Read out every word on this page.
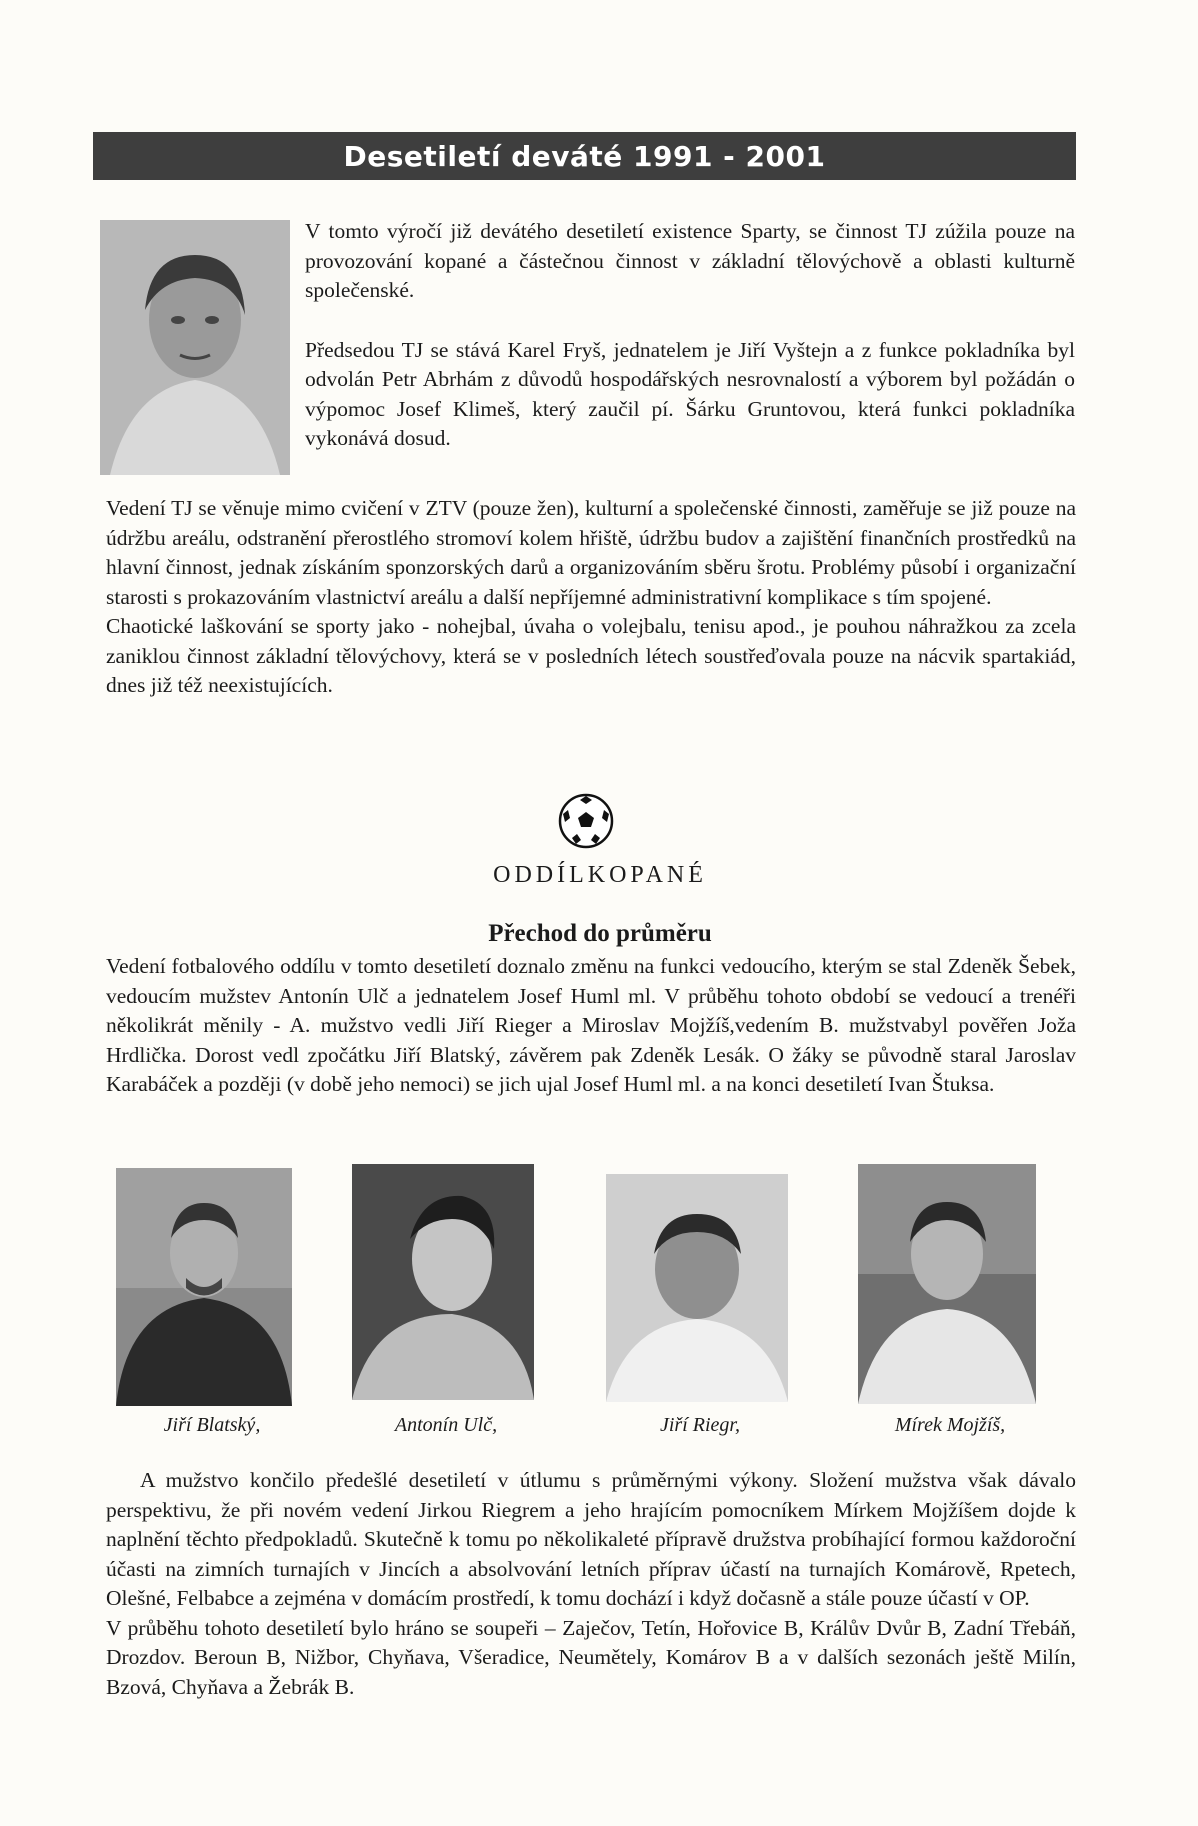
Desetiletí deváté 1991 - 2001

V tomto výročí již devátého desetiletí existence Sparty, se činnost TJ zúžila pouze na provozování kopané a částečnou činnost v základní tělovýchově a oblasti kulturně společenské.

Předsedou TJ se stává Karel Fryš, jednatelem je Jiří Vyštejn a z funkce pokladníka byl odvolán Petr Abrhám z důvodů hospodářských nesrovnalostí a výborem byl požádán o výpomoc Josef Klimeš, který zaučil pí. Šárku Gruntovou, která funkci pokladníka vykonává dosud.

Vedení TJ se věnuje mimo cvičení v ZTV (pouze žen), kulturní a společenské činnosti, zaměřuje se již pouze na údržbu areálu, odstranění přerostlého stromoví kolem hřiště, údržbu budov a zajištění finančních prostředků na hlavní činnost, jednak získáním sponzorských darů a organizováním sběru šrotu. Problémy působí i organizační starosti s prokazováním vlastnictví areálu a další nepříjemné administrativní komplikace s tím spojené.

Chaotické laškování se sporty jako - nohejbal, úvaha o volejbalu, tenisu apod., je pouhou náhražkou za zcela zaniklou činnost základní tělovýchovy, která se v posledních létech soustřeďovala pouze na nácvik spartakiád, dnes již též neexistujících.

ODDÍLKOPANÉ
Přechod do průměru

Vedení fotbalového oddílu v tomto desetiletí doznalo změnu na funkci vedoucího, kterým se stal Zdeněk Šebek, vedoucím mužstev Antonín Ulč a jednatelem Josef Huml ml. V průběhu tohoto období se vedoucí a trenéři několikrát měnily - A. mužstvo vedli Jiří Rieger a Miroslav Mojžíš,vedením B. mužstvabyl pověřen Joža Hrdlička. Dorost vedl zpočátku Jiří Blatský, závěrem pak Zdeněk Lesák. O žáky se původně staral Jaroslav Karabáček a později (v době jeho nemoci) se jich ujal Josef Huml ml. a na konci desetiletí Ivan Štuksa.

Jiří Blatský,	Antonín Ulč,	Jiří Riegr,	Mírek Mojžíš,

A mužstvo končilo předešlé desetiletí v útlumu s průměrnými výkony. Složení mužstva však dávalo perspektivu, že při novém vedení Jirkou Riegrem a jeho hrajícím pomocníkem Mírkem Mojžíšem dojde k naplnění těchto předpokladů. Skutečně k tomu po několikaleté přípravě družstva probíhající formou každoroční účasti na zimních turnajích v Jincích a absolvování letních příprav účastí na turnajích Komárově, Rpetech, Olešné, Felbabce a zejména v domácím prostředí, k tomu dochází i když dočasně a stále pouze účastí v OP.

V průběhu tohoto desetiletí bylo hráno se soupeři – Zaječov, Tetín, Hořovice B, Králův Dvůr B, Zadní Třebáň, Drozdov. Beroun B, Nižbor, Chyňava, Všeradice, Neumětely, Komárov B a v dalších sezonách ještě Milín, Bzová, Chyňava a Žebrák B.
